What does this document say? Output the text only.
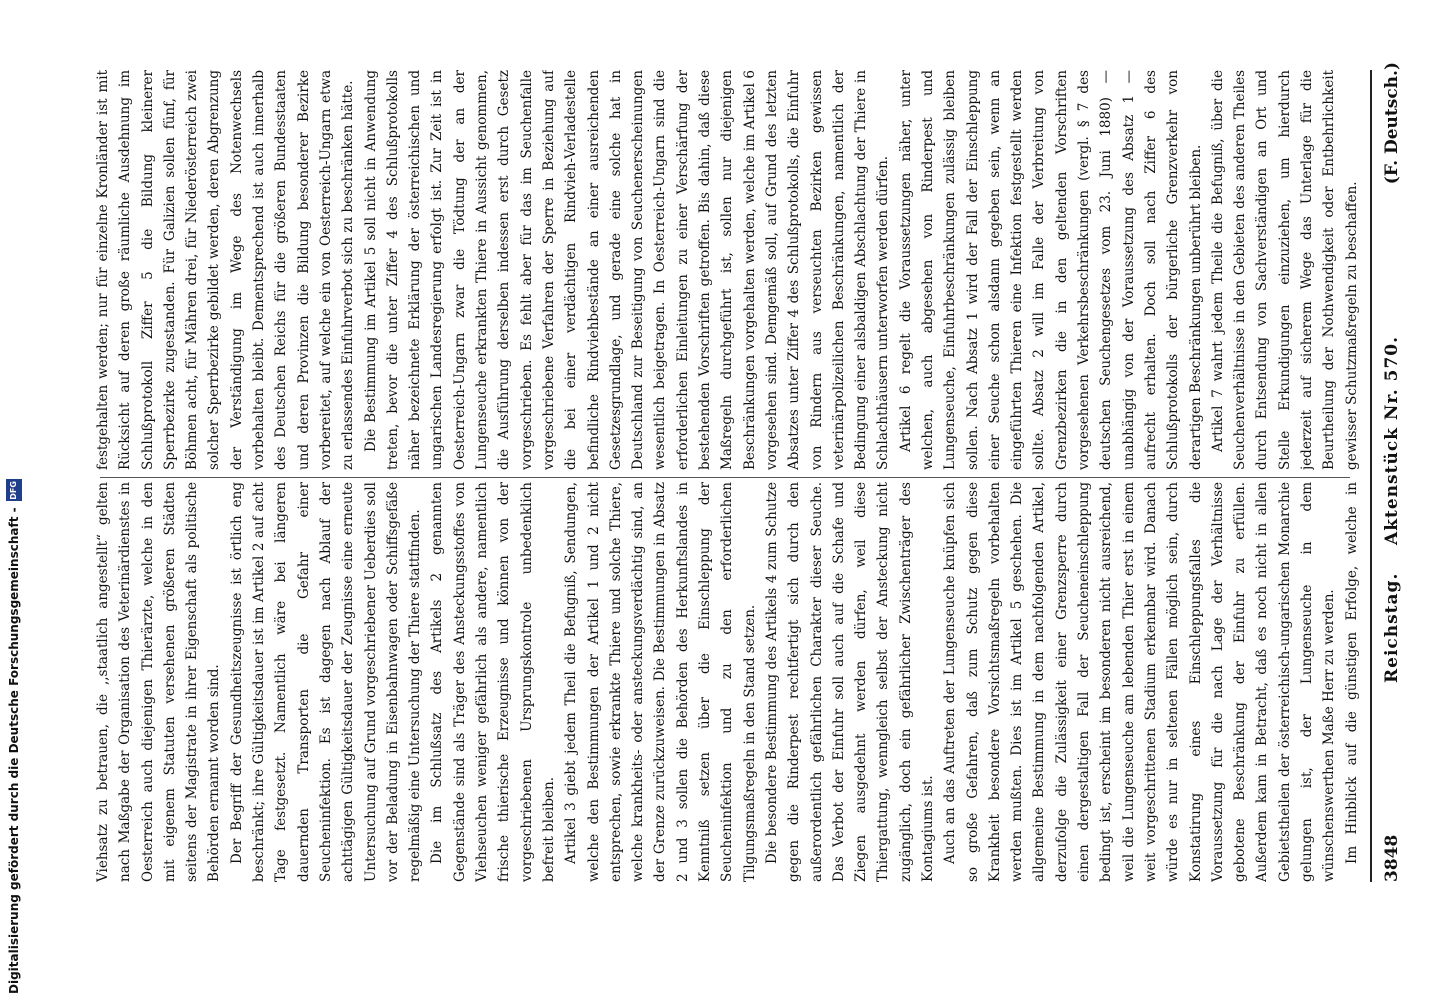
Digitalisierung gefördert durch die Deutsche Forschungsgemeinschaft -
DFG	Viehsatz zu betrauen, die ,,staatlich angestellt“ gelten nach Maßgabe der Organisation des Veterinärdienstes in Oesterreich auch diejenigen Thierärzte, welche in den mit eigenem Statuten versehenen größeren Städten seitens der Magistrate in ihrer Eigenschaft als politische Behörden ernannt worden sind. Der Begriff der Gesundheitszeugnisse ist örtlich eng beschränkt; ihre Gültigkeitsdauer ist im Artikel 2 auf acht Tage festgesetzt. Namentlich wäre bei längeren dauernden Transporten die Gefahr einer Seucheninfektion. Es ist dagegen nach Ablauf der achttägigen Gültigkeitsdauer der Zeugnisse eine erneute Untersuchung auf Grund vorgeschriebener Ueberdies soll vor der Beladung in Eisenbahnwagen oder Schiffsgefäße regelmäßig eine Untersuchung der Thiere stattfinden. Die im Schlußsatz des Artikels 2 genannten Gegenstände sind als Träger des Ansteckungsstoffes von Viehseuchen weniger gefährlich als andere, namentlich frische thierische Erzeugnisse und können von der vorgeschriebenen Ursprungskontrole unbedenklich befreit bleiben. Artikel 3 giebt jedem Theil die Befugniß, Sendungen, welche den Bestimmungen der Artikel 1 und 2 nicht entsprechen, sowie erkrankte Thiere und solche Thiere, welche krankheits- oder ansteckungsverdächtig sind, an der Grenze zurückzuweisen. Die Bestimmungen in Absatz 2 und 3 sollen die Behörden des Herkunftslandes in Kenntniß setzen über die Einschleppung der Seucheninfektion und zu den erforderlichen Tilgungsmaßregeln in den Stand setzen. Die besondere Bestimmung des Artikels 4 zum Schutze gegen die Rinderpest rechtfertigt sich durch den außerordentlich gefährlichen Charakter dieser Seuche. Das Verbot der Einfuhr soll auch auf die Schafe und Ziegen ausgedehnt werden dürfen, weil diese Thiergattung, wenngleich selbst der Ansteckung nicht zugänglich, doch ein gefährlicher Zwischenträger des Kontagiums ist. Auch an das Auftreten der Lungenseuche knüpfen sich so große Gefahren, daß zum Schutz gegen diese Krankheit besondere Vorsichtsmaßregeln vorbehalten werden mußten. Dies ist im Artikel 5 geschehen. Die allgemeine Bestimmung in dem nachfolgenden Artikel, derzufolge die Zulässigkeit einer Grenzsperre durch einen dergestaltigen Fall der Seucheneinschleppung bedingt ist, erscheint im besonderen nicht ausreichend, weil die Lungenseuche am lebenden Thier erst in einem weit vorgeschrittenen Stadium erkennbar wird. Danach würde es nur in seltenen Fällen möglich sein, durch Konstatirung eines Einschleppungsfalles die Voraussetzung für die nach Lage der Verhältnisse gebotene Beschränkung der Einfuhr zu erfüllen. Außerdem kam in Betracht, daß es noch nicht in allen Gebietstheilen der österreichisch-ungarischen Monarchie gelungen ist, der Lungenseuche in dem wünschenswerthen Maße Herr zu werden. Im Hinblick auf die günstigen Erfolge, welche in

festgehalten werden; nur für einzelne Kronländer ist mit Rücksicht auf deren große räumliche Ausdehnung im Schlußprotokoll Ziffer 5 die Bildung kleinerer Sperrbezirke zugestanden. Für Galizien sollen fünf, für Böhmen acht, für Mähren drei, für Niederösterreich zwei solcher Sperrbezirke gebildet werden, deren Abgrenzung der Verständigung im Wege des Notenwechsels vorbehalten bleibt. Dementsprechend ist auch innerhalb des Deutschen Reichs für die größeren Bundesstaaten und deren Provinzen die Bildung besonderer Bezirke vorbereitet, auf welche ein von Oesterreich-Ungarn etwa zu erlassendes Einfuhrverbot sich zu beschränken hätte. Die Bestimmung im Artikel 5 soll nicht in Anwendung treten, bevor die unter Ziffer 4 des Schlußprotokolls näher bezeichnete Erklärung der österreichischen und ungarischen Landesregierung erfolgt ist. Zur Zeit ist in Oesterreich-Ungarn zwar die Tödtung der an der Lungenseuche erkrankten Thiere in Aussicht genommen, die Ausführung derselben indessen erst durch Gesetz vorgeschrieben. Es fehlt aber für das im Seuchenfalle vorgeschriebene Verfahren der Sperre in Beziehung auf die bei einer verdächtigen Rindvieh-Verladestelle befindliche Rindviehbestände an einer ausreichenden Gesetzesgrundlage, und gerade eine solche hat in Deutschland zur Beseitigung von Seuchenerscheinungen wesentlich beigetragen. In Oesterreich-Ungarn sind die erforderlichen Einleitungen zu einer Verschärfung der bestehenden Vorschriften getroffen. Bis dahin, daß diese Maßregeln durchgeführt ist, sollen nur diejenigen Beschränkungen vorgehalten werden, welche im Artikel 6 vorgesehen sind. Demgemäß soll, auf Grund des letzten Absatzes unter Ziffer 4 des Schlußprotokolls, die Einfuhr von Rindern aus verseuchten Bezirken gewissen veterinärpolizeilichen Beschränkungen, namentlich der Bedingung einer alsbaldigen Abschlachtung der Thiere in Schlachthäusern unterworfen werden dürfen. Artikel 6 regelt die Voraussetzungen näher, unter welchen, auch abgesehen von Rinderpest und Lungenseuche, Einfuhrbeschränkungen zulässig bleiben sollen. Nach Absatz 1 wird der Fall der Einschleppung einer Seuche schon alsdann gegeben sein, wenn an eingeführten Thieren eine Infektion festgestellt werden sollte. Absatz 2 will im Falle der Verbreitung von Grenzbezirken die in den geltenden Vorschriften vorgesehenen Verkehrsbeschränkungen (vergl. § 7 des deutschen Seuchengesetzes vom 23. Juni 1880) — unabhängig von der Voraussetzung des Absatz 1 — aufrecht erhalten. Doch soll nach Ziffer 6 des Schlußprotokolls der bürgerliche Grenzverkehr von derartigen Beschränkungen unberührt bleiben. Artikel 7 wahrt jedem Theile die Befugniß, über die Seuchenverhältnisse in den Gebieten des anderen Theiles durch Entsendung von Sachverständigen an Ort und Stelle Erkundigungen einzuziehen, um hierdurch jederzeit auf sicherem Wege das Unterlage für die Beurtheilung der Nothwendigkeit oder Entbehrlichkeit gewisser Schutzmaßregeln zu beschaffen.

3848
Reichstag.    Aktenstück Nr. 570.
(F. Deutsch.)
